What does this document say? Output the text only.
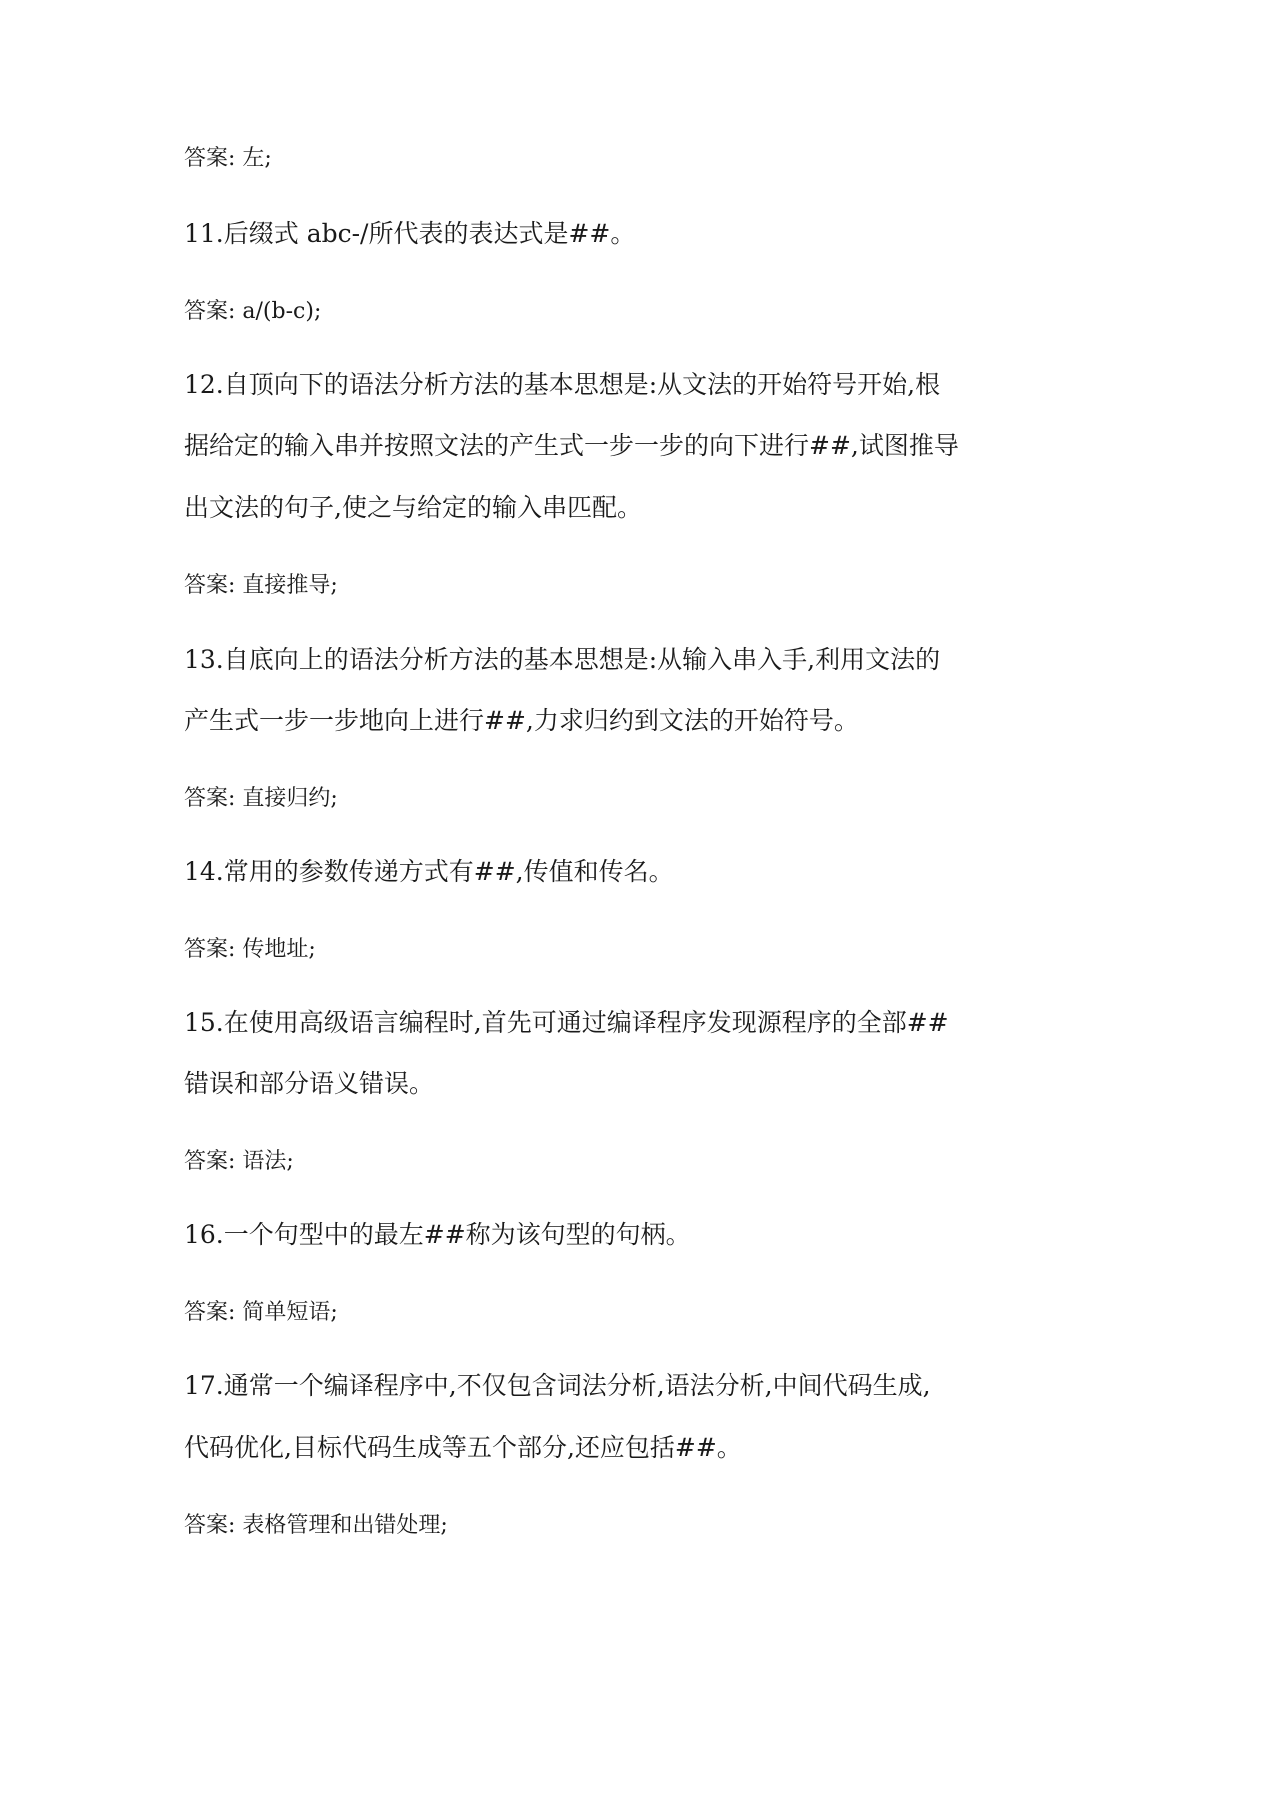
答案: 左;
11.后缀式 abc-/所代表的表达式是##。
答案: a/(b-c);
12.自顶向下的语法分析方法的基本思想是:从文法的开始符号开始,根
据给定的输入串并按照文法的产生式一步一步的向下进行##,试图推导
出文法的句子,使之与给定的输入串匹配。
答案: 直接推导;
13.自底向上的语法分析方法的基本思想是:从输入串入手,利用文法的
产生式一步一步地向上进行##,力求归约到文法的开始符号。
答案: 直接归约;
14.常用的参数传递方式有##,传值和传名。
答案: 传地址;
15.在使用高级语言编程时,首先可通过编译程序发现源程序的全部##
错误和部分语义错误。
答案: 语法;
16.一个句型中的最左##称为该句型的句柄。
答案: 简单短语;
17.通常一个编译程序中,不仅包含词法分析,语法分析,中间代码生成,
代码优化,目标代码生成等五个部分,还应包括##。
答案: 表格管理和出错处理;
